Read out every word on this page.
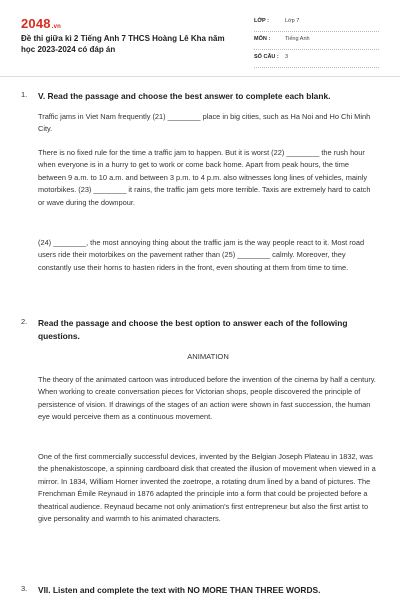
2048.vn
Đề thi giữa kì 2 Tiếng Anh 7 THCS Hoàng Lê Kha năm học 2023-2024 có đáp án
LỚP :	Lớp 7
MÔN :	Tiếng Anh
SỐ CÂU : 3
1. V. Read the passage and choose the best answer to complete each blank.

Traffic jams in Viet Nam frequently (21) ________ place in big cities, such as Ha Noi and Ho Chi Minh City.

There is no fixed rule for the time a traffic jam to happen. But it is worst (22) ________ the rush hour when everyone is in a hurry to get to work or come back home. Apart from peak hours, the time between 9 a.m. to 10 a.m. and between 3 p.m. to 4 p.m. also witnesses long lines of vehicles, mainly motorbikes. (23) ________ it rains, the traffic jam gets more terrible. Taxis are extremely hard to catch or wave during the downpour.

(24) ________, the most annoying thing about the traffic jam is the way people react to it. Most road users ride their motorbikes on the pavement rather than (25) ________ calmly. Moreover, they constantly use their horns to hasten riders in the front, even shouting at them from time to time.

2. Read the passage and choose the best option to answer each of the following questions.
ANIMATION

The theory of the animated cartoon was introduced before the invention of the cinema by half a century. When working to create conversation pieces for Victorian shops, people discovered the principle of persistence of vision. If drawings of the stages of an action were shown in fast succession, the human eye would perceive them as a continuous movement.

One of the first commercially successful devices, invented by the Belgian Joseph Plateau in 1832, was the phenakistoscope, a spinning cardboard disk that created the illusion of movement when viewed in a mirror. In 1834, William Horner invented the zoetrope, a rotating drum lined by a band of pictures. The Frenchman Émile Reynaud in 1876 adapted the principle into a form that could be projected before a theatrical audience. Reynaud became not only animation's first entrepreneur but also the first artist to give personality and warmth to his animated characters.

3. VII. Listen and complete the text with NO MORE THAN THREE WORDS.
